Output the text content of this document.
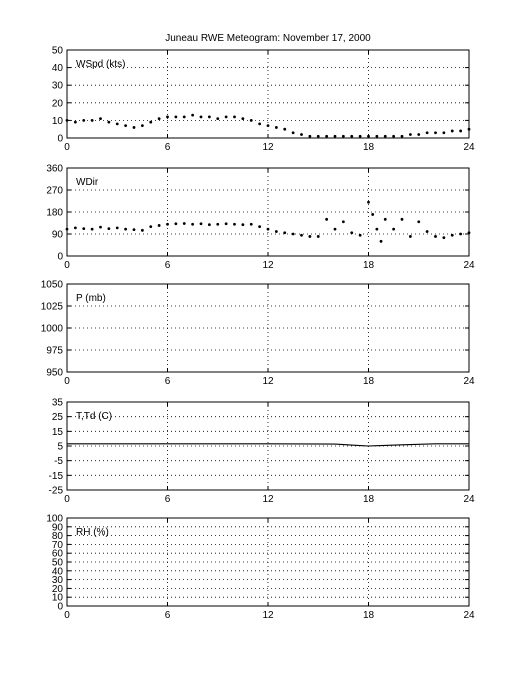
Juneau RWE Meteogram: November 17, 2000
0	6	12	18	24
0
10
20
30
40
50
WSpd (kts)
0	6	12	18	24
0
90
180
270
360
WDir
0	6	12	18	24
950
975
1000
1025
1050
P (mb)
0	6	12	18	24
-25
-15
-5
5
15
25
35
T,Td (C)
0	6	12	18	24
0
10
20
30
40
50
60
70
80
90
100
RH (%)
